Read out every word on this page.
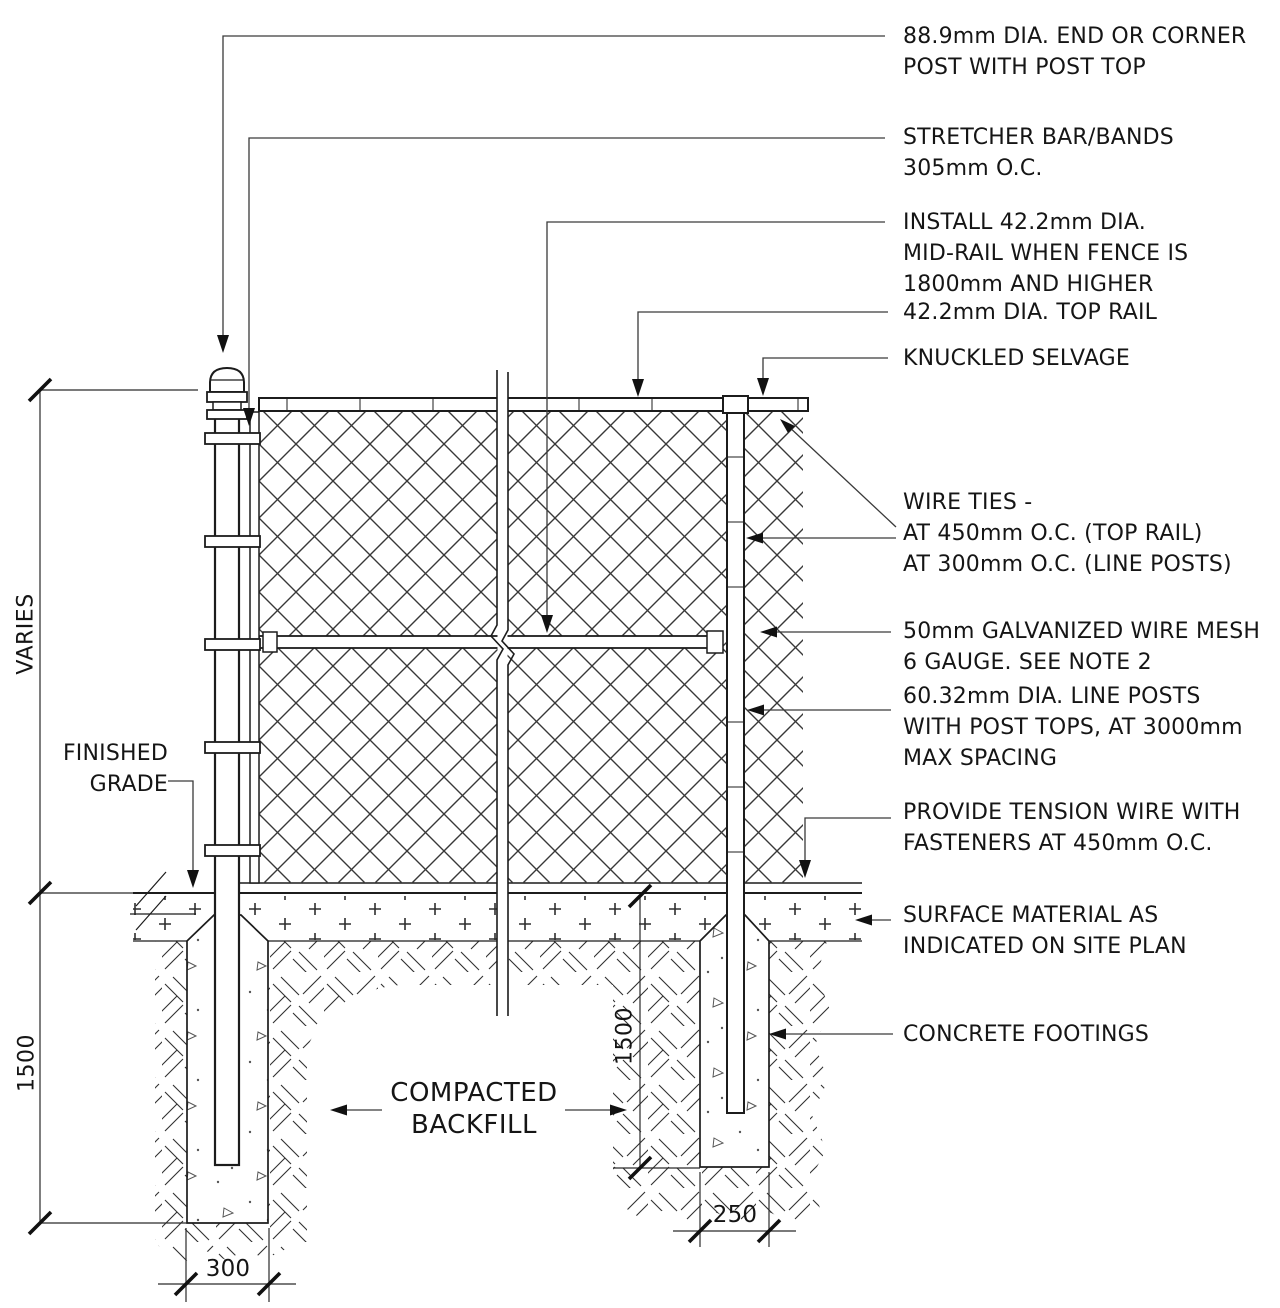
88.9mm DIA. END OR CORNER
POST WITH POST TOP
STRETCHER BAR/BANDS
305mm O.C.
INSTALL 42.2mm DIA.
MID-RAIL WHEN FENCE IS
1800mm AND HIGHER
42.2mm DIA. TOP RAIL
KNUCKLED SELVAGE
WIRE TIES -
AT 450mm O.C. (TOP RAIL)
AT 300mm O.C. (LINE POSTS)
50mm GALVANIZED WIRE MESH
6 GAUGE. SEE NOTE 2
60.32mm DIA. LINE POSTS
WITH POST TOPS, AT 3000mm
MAX SPACING
PROVIDE TENSION WIRE WITH
FASTENERS AT 450mm O.C.
SURFACE MATERIAL AS
INDICATED ON SITE PLAN
CONCRETE FOOTINGS
FINISHED
GRADE
COMPACTED
BACKFILL
VARIES
1500	1500
300
250
